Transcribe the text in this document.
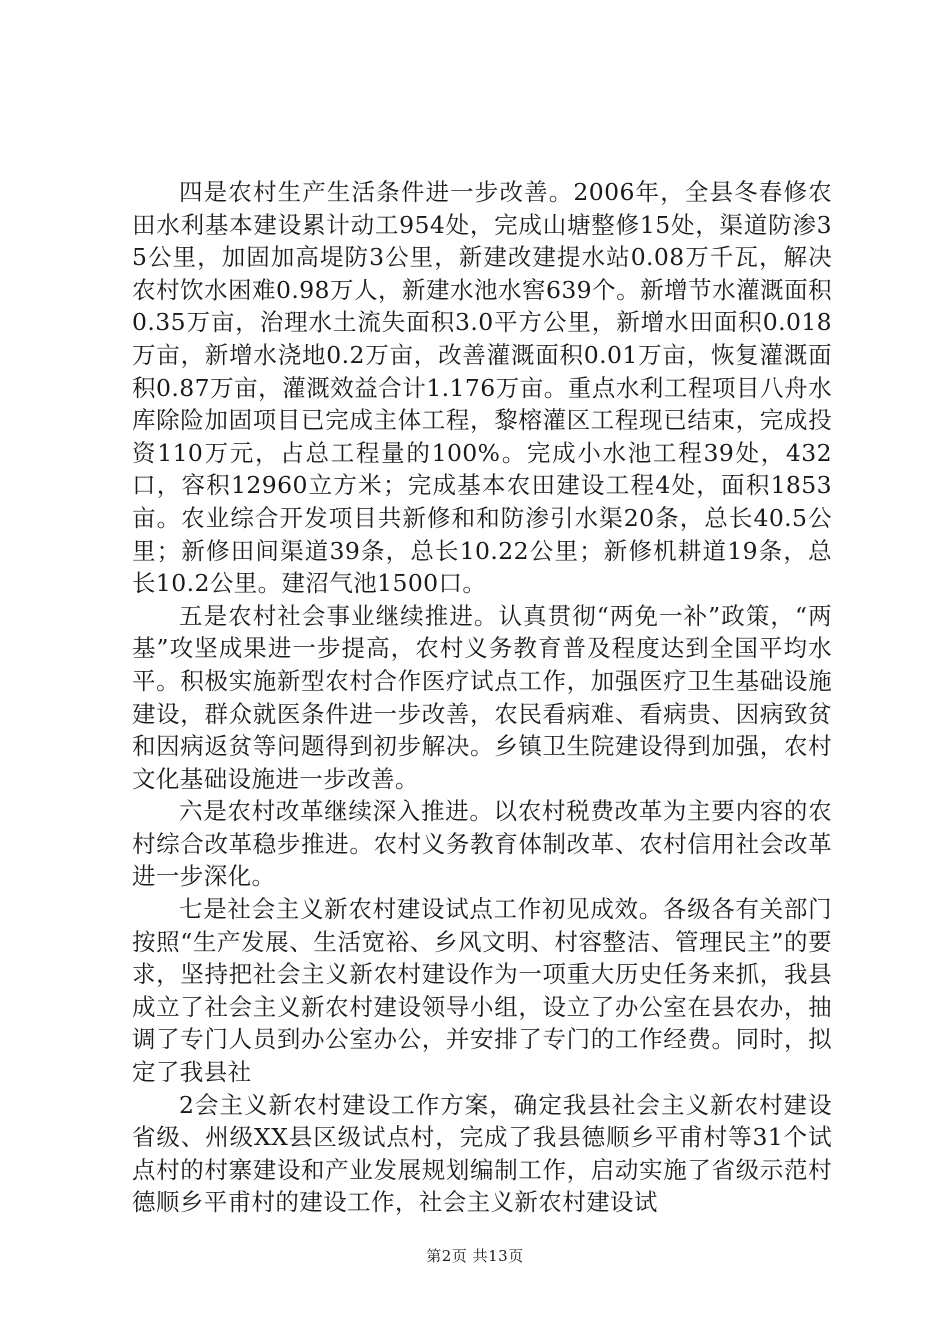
四是农村生产生活条件进一步改善。2006年，全县冬春修农田水利基本建设累计动工954处，完成山塘整修15处，渠道防渗35公里，加固加高堤防3公里，新建改建提水站0.08万千瓦，解决农村饮水困难0.98万人，新建水池水窖639个。新增节水灌溉面积0.35万亩，治理水土流失面积3.0平方公里，新增水田面积0.018万亩，新增水浇地0.2万亩，改善灌溉面积0.01万亩，恢复灌溉面积0.87万亩，灌溉效益合计1.176万亩。重点水利工程项目八舟水库除险加固项目已完成主体工程，黎榕灌区工程现已结束，完成投资110万元，占总工程量的100%。完成小水池工程39处，432口，容积12960立方米；完成基本农田建设工程4处，面积1853亩。农业综合开发项目共新修和和防渗引水渠20条，总长40.5公里；新修田间渠道39条，总长10.22公里；新修机耕道19条，总长10.2公里。建沼气池1500口。

五是农村社会事业继续推进。认真贯彻“两免一补”政策，“两基”攻坚成果进一步提高，农村义务教育普及程度达到全国平均水平。积极实施新型农村合作医疗试点工作，加强医疗卫生基础设施建设，群众就医条件进一步改善，农民看病难、看病贵、因病致贫和因病返贫等问题得到初步解决。乡镇卫生院建设得到加强，农村文化基础设施进一步改善。

六是农村改革继续深入推进。以农村税费改革为主要内容的农村综合改革稳步推进。农村义务教育体制改革、农村信用社会改革进一步深化。

七是社会主义新农村建设试点工作初见成效。各级各有关部门按照“生产发展、生活宽裕、乡风文明、村容整洁、管理民主”的要求，坚持把社会主义新农村建设作为一项重大历史任务来抓，我县成立了社会主义新农村建设领导小组，设立了办公室在县农办，抽调了专门人员到办公室办公，并安排了专门的工作经费。同时，拟定了我县社

2会主义新农村建设工作方案，确定我县社会主义新农村建设省级、州级XX县区级试点村，完成了我县德顺乡平甫村等31个试点村的村寨建设和产业发展规划编制工作，启动实施了省级示范村德顺乡平甫村的建设工作，社会主义新农村建设试

第2页 共13页
